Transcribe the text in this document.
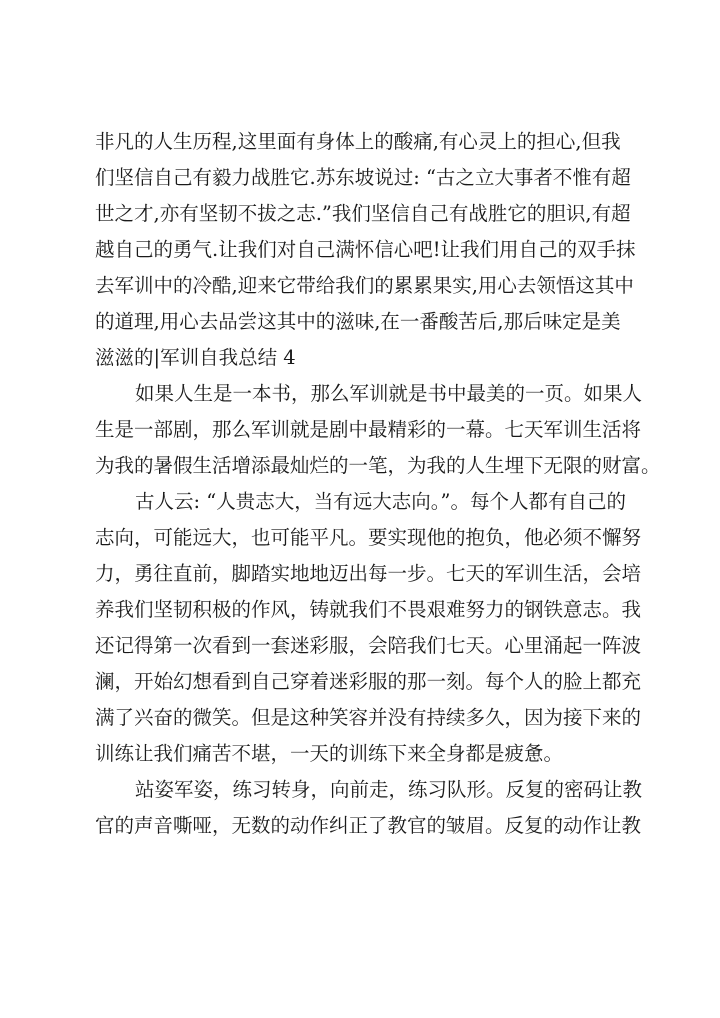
非凡的人生历程,这里面有身体上的酸痛,有心灵上的担心,但我
们坚信自己有毅力战胜它.苏东坡说过: “古之立大事者不惟有超
世之才,亦有坚韧不拔之志.”我们坚信自己有战胜它的胆识,有超
越自己的勇气.让我们对自己满怀信心吧!让我们用自己的双手抹
去军训中的冷酷,迎来它带给我们的累累果实,用心去领悟这其中
的道理,用心去品尝这其中的滋味,在一番酸苦后,那后味定是美
滋滋的|军训自我总结 4
如果人生是一本书，那么军训就是书中最美的一页。如果人
生是一部剧，那么军训就是剧中最精彩的一幕。七天军训生活将
为我的暑假生活增添最灿烂的一笔，为我的人生埋下无限的财富。
古人云: “人贵志大，当有远大志向。”。每个人都有自己的
志向，可能远大，也可能平凡。要实现他的抱负，他必须不懈努
力，勇往直前，脚踏实地地迈出每一步。七天的军训生活，会培
养我们坚韧积极的作风，铸就我们不畏艰难努力的钢铁意志。我
还记得第一次看到一套迷彩服，会陪我们七天。心里涌起一阵波
澜，开始幻想看到自己穿着迷彩服的那一刻。每个人的脸上都充
满了兴奋的微笑。但是这种笑容并没有持续多久，因为接下来的
训练让我们痛苦不堪，一天的训练下来全身都是疲惫。
站姿军姿，练习转身，向前走，练习队形。反复的密码让教
官的声音嘶哑，无数的动作纠正了教官的皱眉。反复的动作让教
